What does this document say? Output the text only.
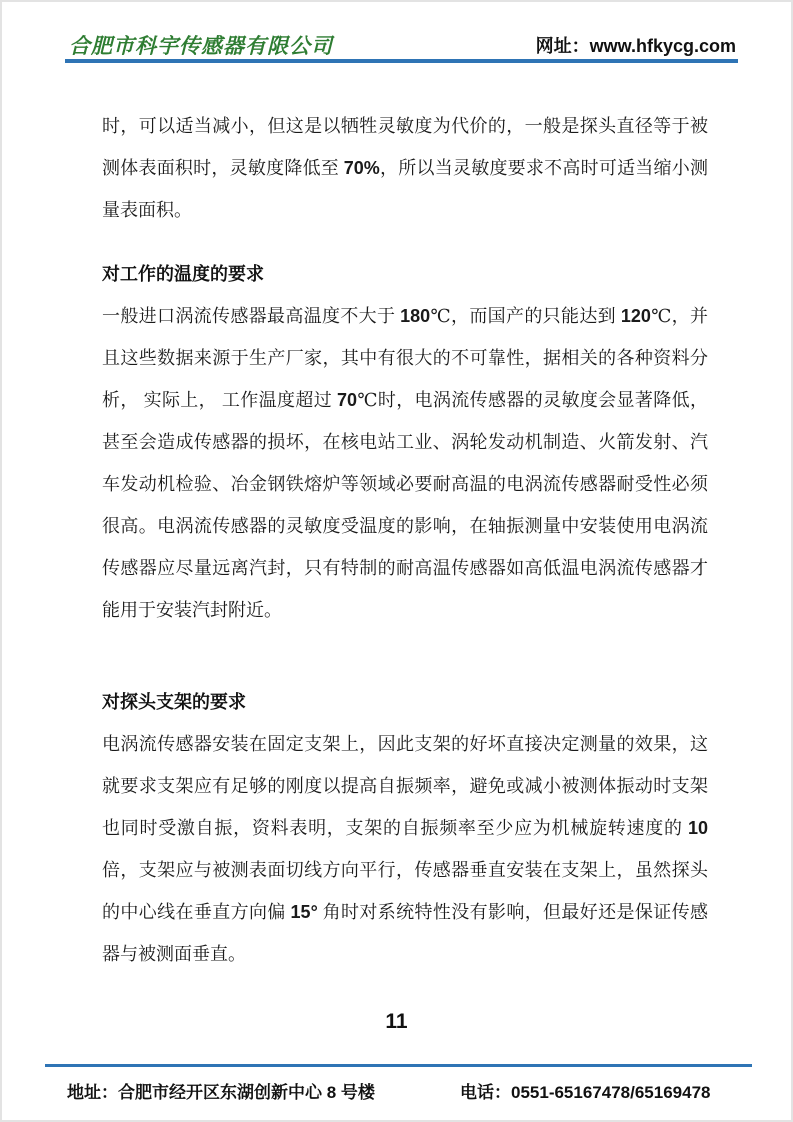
合肥市科宇传感器有限公司	网址：www.hfkycg.com

时，可以适当减小，但这是以牺牲灵敏度为代价的，一般是探头直径等于被测体表面积时，灵敏度降低至 70%，所以当灵敏度要求不高时可适当缩小测量表面积。

对工作的温度的要求

一般进口涡流传感器最高温度不大于 180℃，而国产的只能达到 120℃，并且这些数据来源于生产厂家，其中有很大的不可靠性，据相关的各种资料分析， 实际上， 工作温度超过 70℃时，电涡流传感器的灵敏度会显著降低，甚至会造成传感器的损坏，在核电站工业、涡轮发动机制造、火箭发射、汽车发动机检验、冶金钢铁熔炉等领域必要耐高温的电涡流传感器耐受性必须很高。电涡流传感器的灵敏度受温度的影响，在轴振测量中安装使用电涡流传感器应尽量远离汽封，只有特制的耐高温传感器如高低温电涡流传感器才能用于安装汽封附近。

对探头支架的要求

电涡流传感器安装在固定支架上，因此支架的好坏直接决定测量的效果，这就要求支架应有足够的刚度以提高自振频率，避免或减小被测体振动时支架也同时受激自振，资料表明，支架的自振频率至少应为机械旋转速度的 10 倍，支架应与被测表面切线方向平行，传感器垂直安装在支架上，虽然探头的中心线在垂直方向偏 15° 角时对系统特性没有影响，但最好还是保证传感器与被测面垂直。

11
地址：合肥市经开区东湖创新中心 8 号楼	电话：0551-65167478/65169478
